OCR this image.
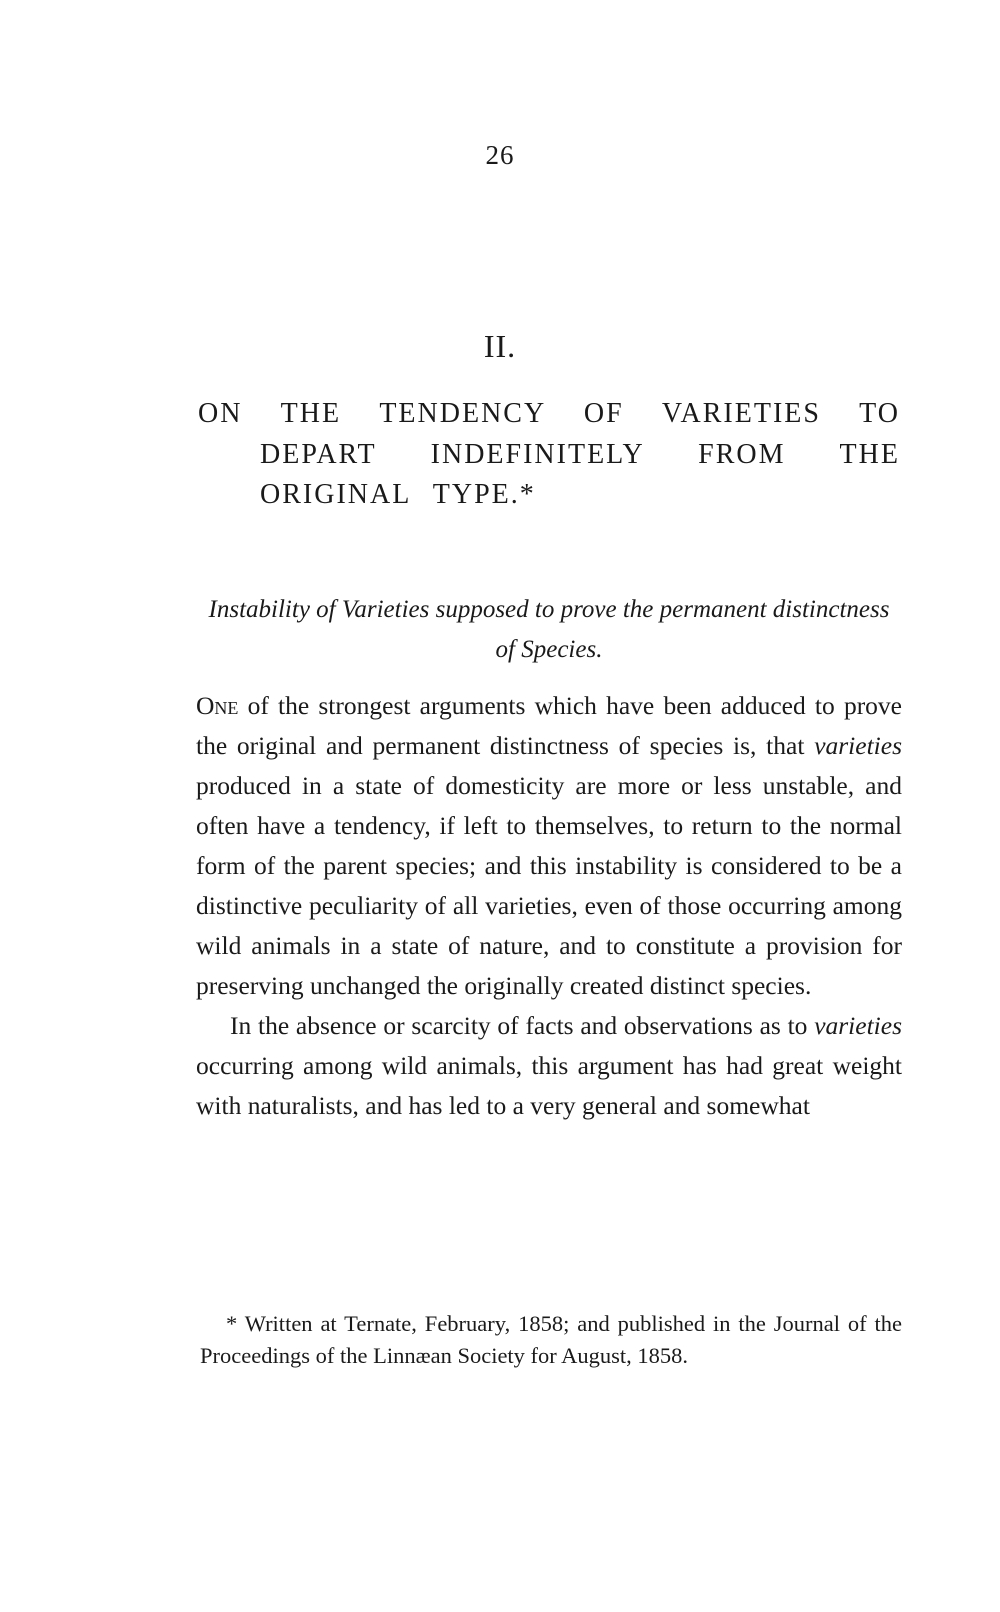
26
II.
ON THE TENDENCY OF VARIETIES TO DEPART INDEFINITELY FROM THE ORIGINAL TYPE.*
Instability of Varieties supposed to prove the permanent distinctness of Species.

One of the strongest arguments which have been adduced to prove the original and permanent distinctness of species is, that varieties produced in a state of domesticity are more or less unstable, and often have a tendency, if left to themselves, to return to the normal form of the parent species; and this instability is considered to be a distinctive peculiarity of all varieties, even of those occurring among wild animals in a state of nature, and to constitute a provision for preserving unchanged the originally created distinct species.

In the absence or scarcity of facts and observations as to varieties occurring among wild animals, this argument has had great weight with naturalists, and has led to a very general and somewhat

* Written at Ternate, February, 1858; and published in the Journal of the Proceedings of the Linnæan Society for August, 1858.
